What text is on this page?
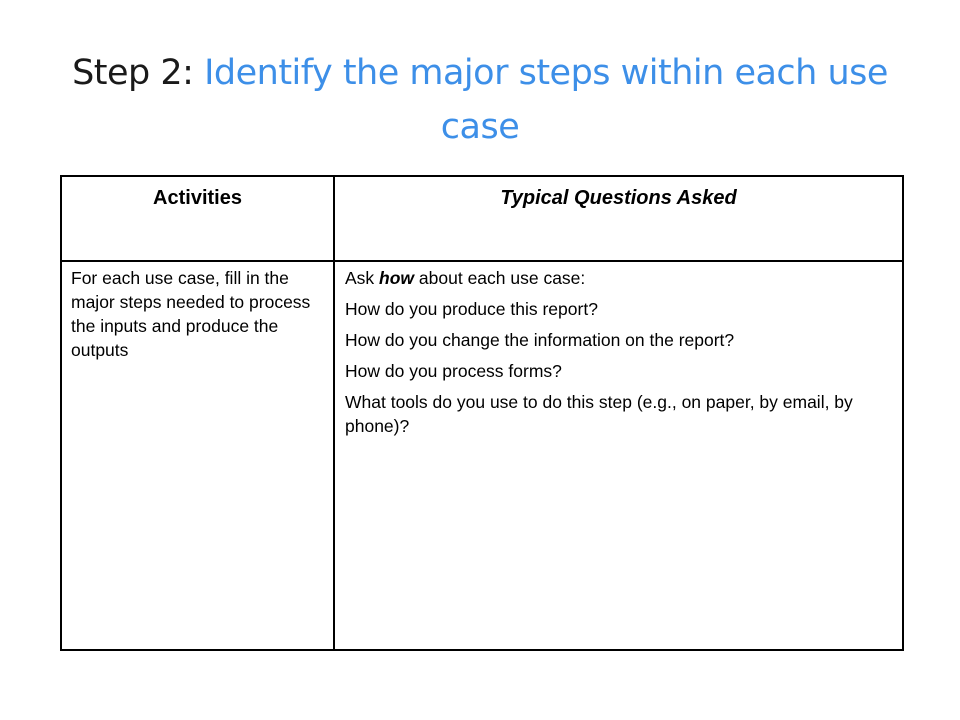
Step 2: Identify the major steps within each use case
Activities	Typical Questions Asked
For each use case, fill in the major steps needed to process the inputs and produce the outputs	Ask how about each use case:

How do you produce this report?

How do you change the information on the report?

How do you process forms?

What tools do you use to do this step (e.g., on paper, by email, by phone)?
